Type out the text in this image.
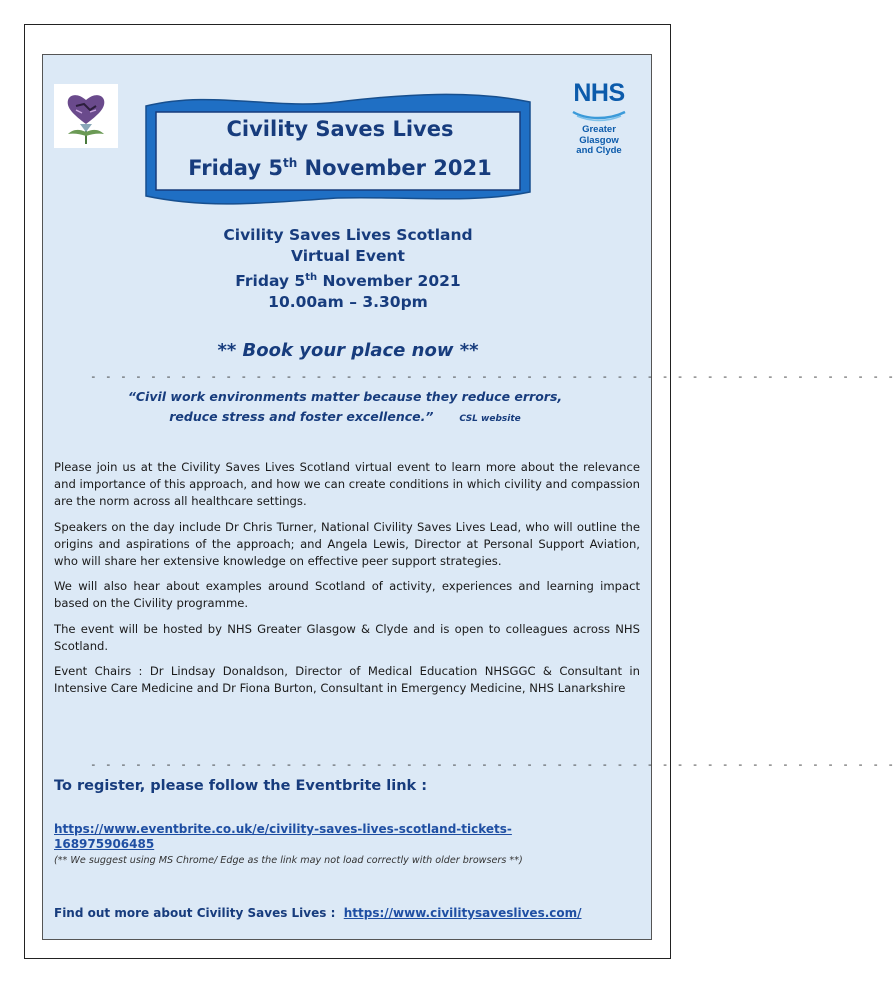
NHS
Greater Glasgow
and Clyde
Civility Saves Lives
Friday 5th November 2021
Civility Saves Lives Scotland
Virtual Event
Friday 5th November 2021
10.00am – 3.30pm
** Book your place now **
- - - - - - - - - - - - - - - - - - - - - - - - - - - - - - - - - - - - - - - - - - - - - - - - - - - - - -
“Civil work environments matter because they reduce errors,
reduce stress and foster excellence.”	CSL website

Please join us at the Civility Saves Lives Scotland virtual event to learn more about the relevance and importance of this approach, and how we can create conditions in which civility and compassion are the norm across all healthcare settings.

Speakers on the day include Dr Chris Turner, National Civility Saves Lives Lead, who will outline the origins and aspirations of the approach; and Angela Lewis, Director at Personal Support Aviation, who will share her extensive knowledge on effective peer support strategies.

We will also hear about examples around Scotland of activity, experiences and learning impact based on the Civility programme.

The event will be hosted by NHS Greater Glasgow & Clyde and is open to colleagues across NHS Scotland.

Event Chairs : Dr Lindsay Donaldson, Director of Medical Education NHSGGC & Consultant in Intensive Care Medicine and Dr Fiona Burton, Consultant in Emergency Medicine, NHS Lanarkshire

- - - - - - - - - - - - - - - - - - - - - - - - - - - - - - - - - - - - - - - - - - - - - - - - - - - - - -
To register, please follow the Eventbrite link :
https://www.eventbrite.co.uk/e/civility-saves-lives-scotland-tickets-
168975906485
(** We suggest using MS Chrome/ Edge as the link may not load correctly with older browsers **)
Find out more about Civility Saves Lives : https://www.civilitysaveslives.com/
